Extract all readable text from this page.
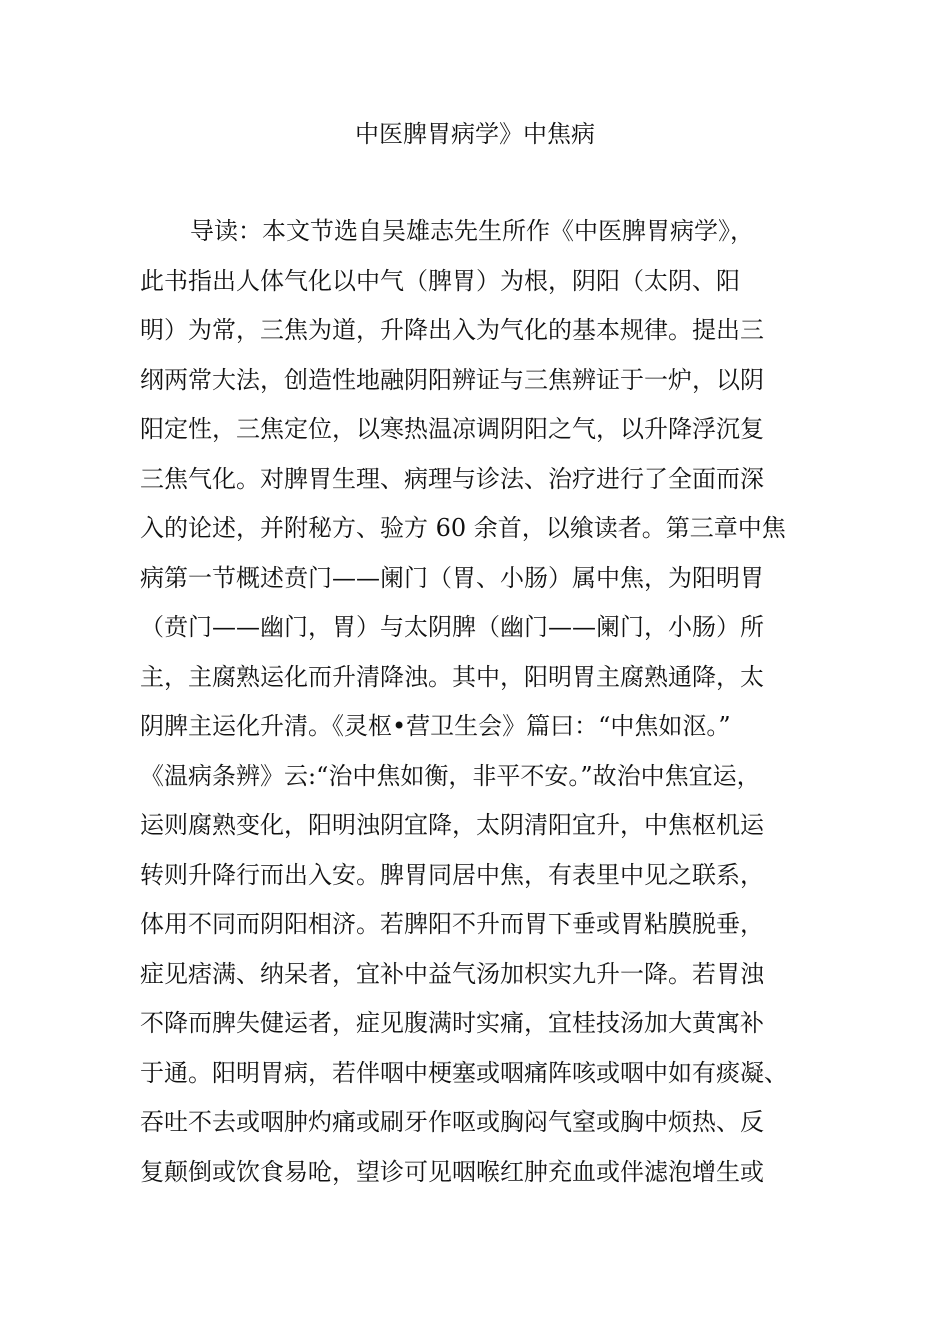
中医脾胃病学》中焦病
导读：本文节选自吴雄志先生所作《中医脾胃病学》，
此书指出人体气化以中气（脾胃）为根，阴阳（太阴、阳
明）为常，三焦为道，升降出入为气化的基本规律。提出三
纲两常大法，创造性地融阴阳辨证与三焦辨证于一炉，以阴
阳定性，三焦定位，以寒热温凉调阴阳之气，以升降浮沉复
三焦气化。对脾胃生理、病理与诊法、治疗进行了全面而深
入的论述，并附秘方、验方 60 余首，以飨读者。第三章中焦
病第一节概述贲门——阑门（胃、小肠）属中焦，为阳明胃
（贲门——幽门，胃）与太阴脾（幽门——阑门，小肠）所
主，主腐熟运化而升清降浊。其中，阳明胃主腐熟通降，太
阴脾主运化升清。《灵枢•营卫生会》篇曰：“中焦如沤。”
《温病条辨》云:“治中焦如衡，非平不安。”故治中焦宜运，
运则腐熟变化，阳明浊阴宜降，太阴清阳宜升，中焦枢机运
转则升降行而出入安。脾胃同居中焦，有表里中见之联系，
体用不同而阴阳相济。若脾阳不升而胃下垂或胃粘膜脱垂，
症见痞满、纳呆者，宜补中益气汤加枳实九升一降。若胃浊
不降而脾失健运者，症见腹满时实痛，宜桂技汤加大黄寓补
于通。阳明胃病，若伴咽中梗塞或咽痛阵咳或咽中如有痰凝、
吞吐不去或咽肿灼痛或刷牙作呕或胸闷气窒或胸中烦热、反
复颠倒或饮食易呛，望诊可见咽喉红肿充血或伴滤泡增生或
